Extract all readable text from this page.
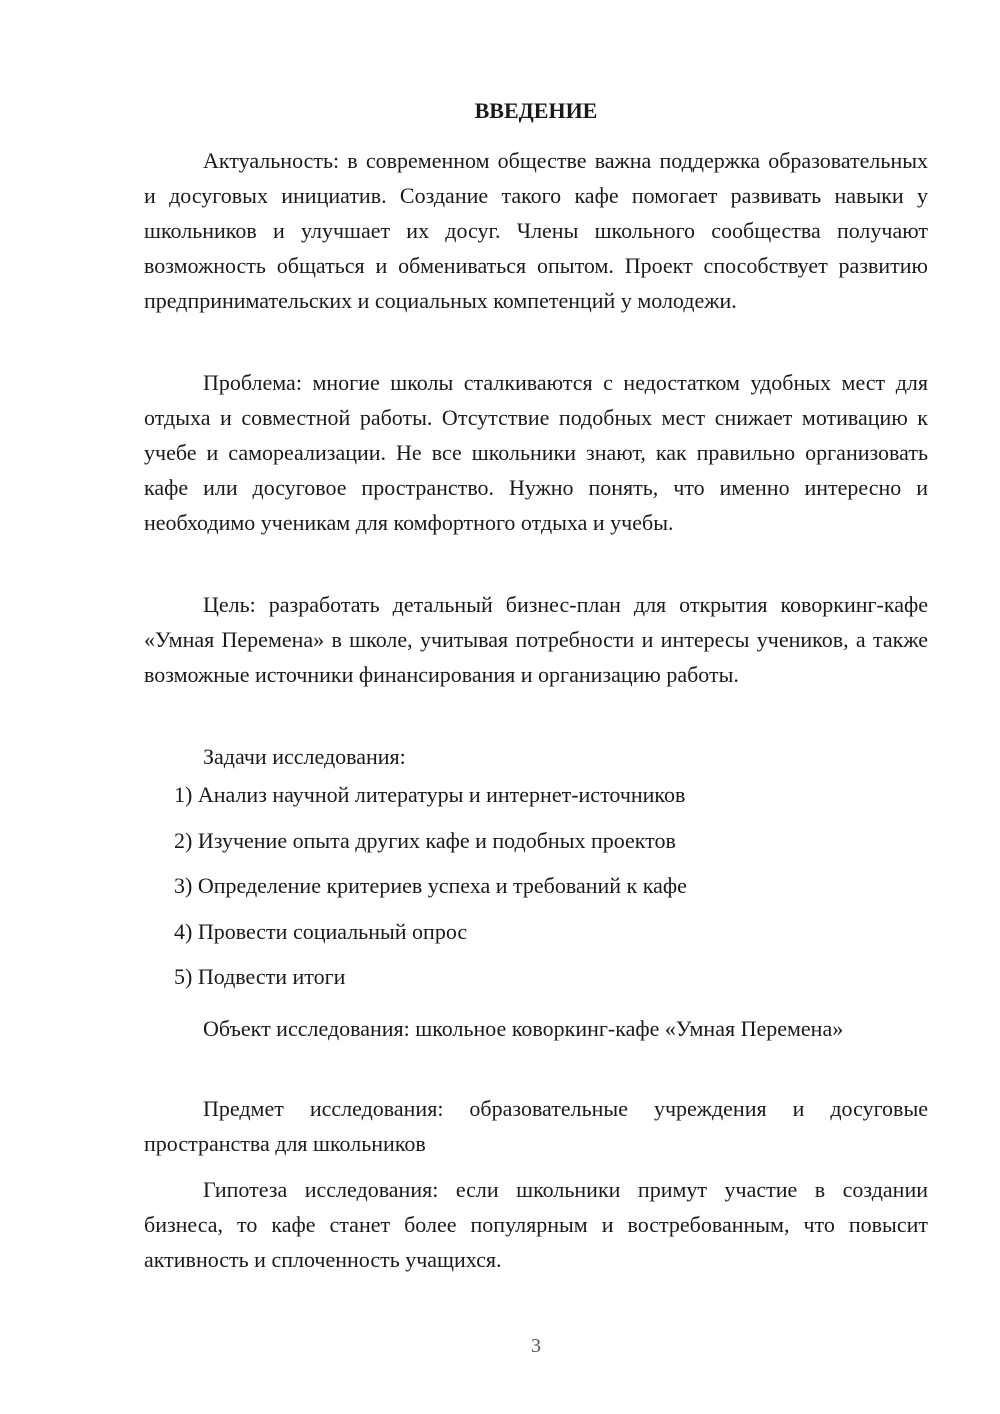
ВВЕДЕНИЕ

Актуальность: в современном обществе важна поддержка образовательных и досуговых инициатив. Создание такого кафе помогает развивать навыки у школьников и улучшает их досуг. Члены школьного сообщества получают возможность общаться и обмениваться опытом. Проект способствует развитию предпринимательских и социальных компетенций у молодежи.

Проблема: многие школы сталкиваются с недостатком удобных мест для отдыха и совместной работы. Отсутствие подобных мест снижает мотивацию к учебе и самореализации. Не все школьники знают, как правильно организовать кафе или досуговое пространство. Нужно понять, что именно интересно и необходимо ученикам для комфортного отдыха и учебы.

Цель: разработать детальный бизнес-план для открытия коворкинг-кафе «Умная Перемена» в школе, учитывая потребности и интересы учеников, а также возможные источники финансирования и организацию работы.

Задачи исследования:

1) Анализ научной литературы и интернет-источников
2) Изучение опыта других кафе и подобных проектов
3) Определение критериев успеха и требований к кафе
4) Провести социальный опрос
5) Подвести итоги

Объект исследования: школьное коворкинг-кафе «Умная Перемена»

Предмет исследования: образовательные учреждения и досуговые пространства для школьников

Гипотеза исследования: если школьники примут участие в создании бизнеса, то кафе станет более популярным и востребованным, что повысит активность и сплоченность учащихся.

3
